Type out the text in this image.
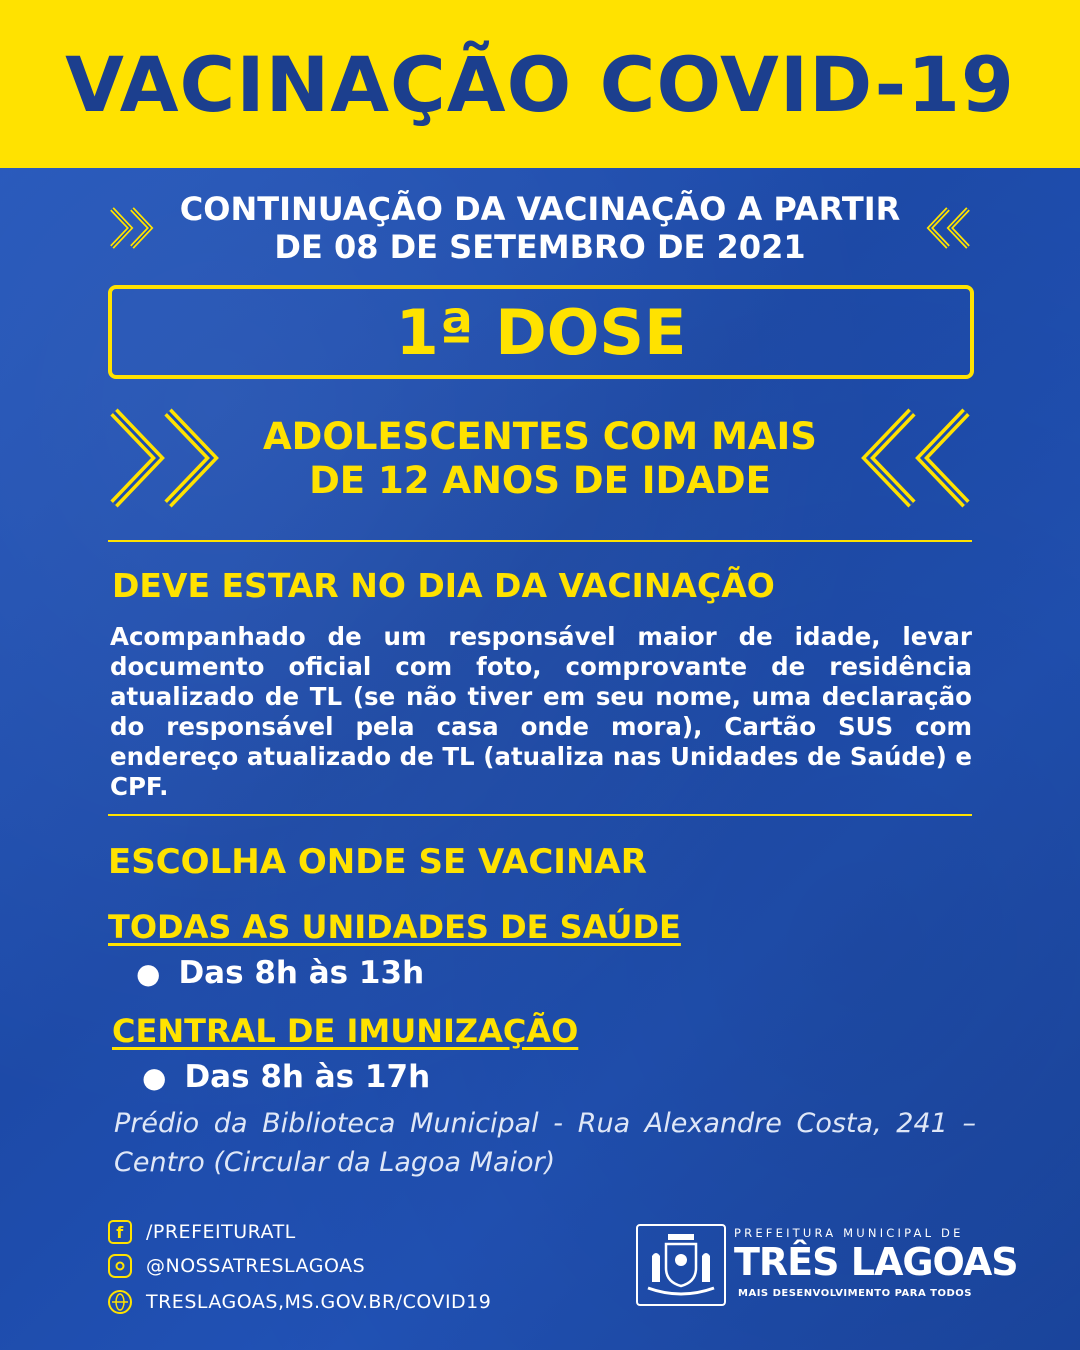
VACINAÇÃO COVID-19
CONTINUAÇÃO DA VACINAÇÃO A PARTIR DE 08 DE SETEMBRO DE 2021
1ª DOSE
ADOLESCENTES COM MAIS DE 12 ANOS DE IDADE
DEVE ESTAR NO DIA DA VACINAÇÃO
Acompanhado de um responsável maior de idade, levar documento oficial com foto, comprovante de residência atualizado de TL (se não tiver em seu nome, uma declaração do responsável pela casa onde mora), Cartão SUS com endereço atualizado de TL (atualiza nas Unidades de Saúde) e CPF.
ESCOLHA ONDE SE VACINAR
TODAS AS UNIDADES DE SAÚDE
● Das 8h às 13h
CENTRAL DE IMUNIZAÇÃO
● Das 8h às 17h
Prédio da Biblioteca Municipal - Rua Alexandre Costa, 241 – Centro (Circular da Lagoa Maior)
f	/PREFEITURATL
@NOSSATRESLAGOAS
TRESLAGOAS,MS.GOV.BR/COVID19
PREFEITURA MUNICIPAL DE
TRÊS LAGOAS
MAIS DESENVOLVIMENTO PARA TODOS
